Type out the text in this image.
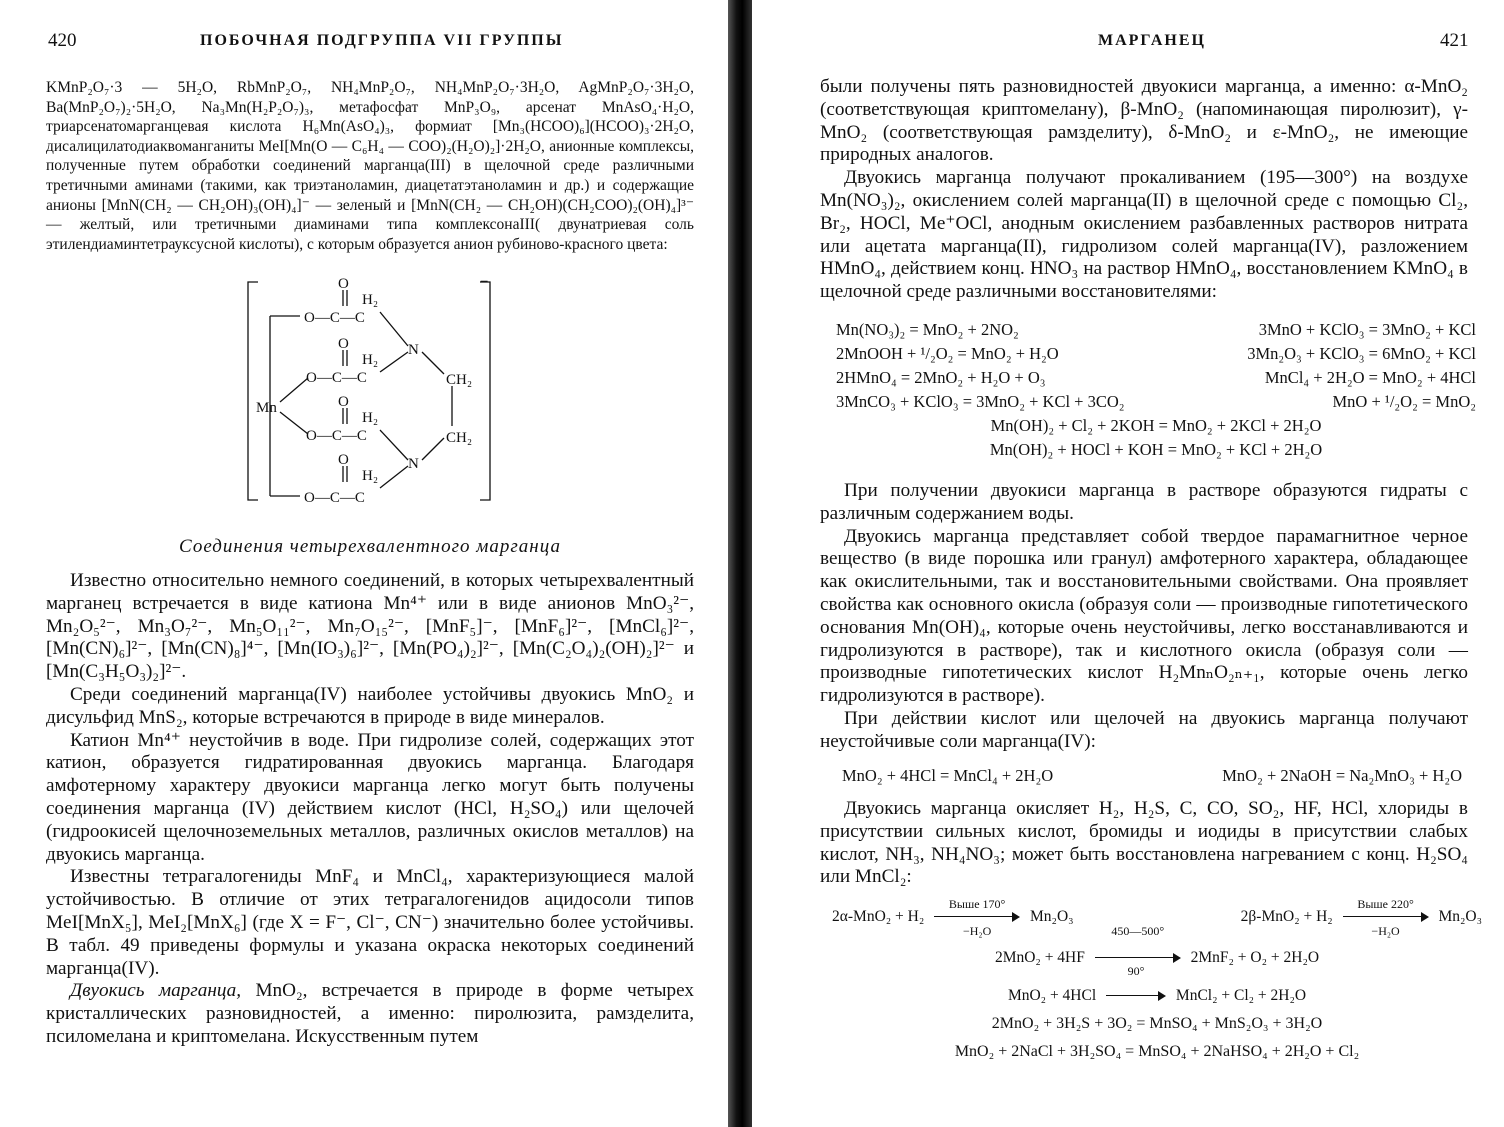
420	ПОБОЧНАЯ ПОДГРУППА VII ГРУППЫ
KMnP₂O₇·3 — 5H₂O, RbMnP₂O₇, NH₄MnP₂O₇, NH₄MnP₂O₇·3H₂O, AgMnP₂O₇·3H₂O, Ba(MnP₂O₇)₂·5H₂O, Na₃Mn(H₂P₂O₇)₃, метафосфат MnP₃O₉, арсенат MnAsO₄·H₂O, триарсенатомарганцевая кислота H₆Mn(AsO₄)₃, формиат [Mn₃(HCOO)₆](HCOO)₃·2H₂O, дисалицилатодиаквоманганиты MeI[Mn(O — C₆H₄ — COO)₂(H₂O)₂]·2H₂O, анионные комплексы, полученные путем обработки соединений марганца(III) в щелочной среде различными третичными аминами (такими, как триэтаноламин, диацетатэтаноламин и др.) и содержащие анионы [MnN(CH₂ — CH₂OH)₃(OH)₄]⁻ — зеленый и [MnN(CH₂ — CH₂OH)(CH₂COO)₂(OH)₄]³⁻ — желтый, или третичными диаминами типа комплексонаIII( двунатриевая соль этилендиаминтетрауксусной кислоты), с которым образуется анион рубиново-красного цвета:
−
O
H₂
O—C—C
O
H₂
O—C—C
N
CH₂
Mn	O
H₂
O—C—C	CH₂
N
O
H₂
O—C—C
Соединения четырехвалентного марганца

Известно относительно немного соединений, в которых четырехвалентный марганец встречается в виде катиона Mn⁴⁺ или в виде анионов MnO₃²⁻, Mn₂O₅²⁻, Mn₃O₇²⁻, Mn₅O₁₁²⁻, Mn₇O₁₅²⁻, [MnF₅]⁻, [MnF₆]²⁻, [MnCl₆]²⁻, [Mn(CN)₆]²⁻, [Mn(CN)₈]⁴⁻, [Mn(IO₃)₆]²⁻, [Mn(PO₄)₂]²⁻, [Mn(C₂O₄)₂(OH)₂]²⁻ и [Mn(C₃H₅O₃)₂]²⁻.

Среди соединений марганца(IV) наиболее устойчивы двуокись MnO₂ и дисульфид MnS₂, которые встречаются в природе в виде минералов.

Катион Mn⁴⁺ неустойчив в воде. При гидролизе солей, содержащих этот катион, образуется гидратированная двуокись марганца. Благодаря амфотерному характеру двуокиси марганца легко могут быть получены соединения марганца (IV) действием кислот (HCl, H₂SO₄) или щелочей (гидроокисей щелочноземельных металлов, различных окислов металлов) на двуокись марганца.

Известны тетрагалогениды MnF₄ и MnCl₄, характеризующиеся малой устойчивостью. В отличие от этих тетрагалогенидов ацидосоли типов MeI[MnX₅], MeI₂[MnX₆] (где X = F⁻, Cl⁻, CN⁻) значительно более устойчивы. В табл. 49 приведены формулы и указана окраска некоторых соединений марганца(IV).

Двуокись марганца, MnO₂, встречается в природе в форме четырех кристаллических разновидностей, а именно: пиролюзита, рамзделита, псиломелана и криптомелана. Искусственным путем

МАРГАНЕЦ	421

были получены пять разновидностей двуокиси марганца, а именно: α-MnO₂ (соответствующая криптомелану), β-MnO₂ (напоминающая пиролюзит), γ-MnO₂ (соответствующая рамзделиту), δ-MnO₂ и ε-MnO₂, не имеющие природных аналогов.

Двуокись марганца получают прокаливанием (195—300°) на воздухе Mn(NO₃)₂, окислением солей марганца(II) в щелочной среде с помощью Cl₂, Br₂, HOCl, Me⁺OCl, анодным окислением разбавленных растворов нитрата или ацетата марганца(II), гидролизом солей марганца(IV), разложением HMnO₄, действием конц. HNO₃ на раствор HMnO₄, восстановлением KMnO₄ в щелочной среде различными восстановителями:

Mn(NO₃)₂ = MnO₂ + 2NO₂	3MnO + KClO₃ = 3MnO₂ + KCl
2MnOOH + ¹/₂O₂ = MnO₂ + H₂O	3Mn₂O₃ + KClO₃ = 6MnO₂ + KCl
2HMnO₄ = 2MnO₂ + H₂O + O₃	MnCl₄ + 2H₂O = MnO₂ + 4HCl
3MnCO₃ + KClO₃ = 3MnO₂ + KCl + 3CO₂	MnO + ¹/₂O₂ = MnO₂
Mn(OH)₂ + Cl₂ + 2KOH = MnO₂ + 2KCl + 2H₂O
Mn(OH)₂ + HOCl + KOH = MnO₂ + KCl + 2H₂O

При получении двуокиси марганца в растворе образуются гидраты с различным содержанием воды.

Двуокись марганца представляет собой твердое парамагнитное черное вещество (в виде порошка или гранул) амфотерного характера, обладающее как окислительными, так и восстановительными свойствами. Она проявляет свойства как основного окисла (образуя соли — производные гипотетического основания Mn(OH)₄, которые очень неустойчивы, легко восстанавливаются и гидролизуются в растворе), так и кислотного окисла (образуя соли — производные гипотетических кислот H₂MnₙO₂ₙ₊₁, которые очень легко гидролизуются в растворе).

При действии кислот или щелочей на двуокись марганца получают неустойчивые соли марганца(IV):

MnO₂ + 4HCl = MnCl₄ + 2H₂O	MnO₂ + 2NaOH = Na₂MnO₃ + H₂O

Двуокись марганца окисляет H₂, H₂S, C, CO, SO₂, HF, HCl, хлориды в присутствии сильных кислот, бромиды и иодиды в присутствии слабых кислот, NH₃, NH₄NO₃; может быть восстановлена нагреванием с конц. H₂SO₄ или MnCl₂:

2α-MnO₂ + H₂
Выше 170°
−H₂O
Mn₂O₃	2β-MnO₂ + H₂
Выше 220°
−H₂O
Mn₂O₃
2MnO₂ + 4HF
450—500°
2MnF₂ + O₂ + 2H₂O
MnO₂ + 4HCl
90°
MnCl₂ + Cl₂ + 2H₂O
2MnO₂ + 3H₂S + 3O₂ = MnSO₄ + MnS₂O₃ + 3H₂O
MnO₂ + 2NaCl + 3H₂SO₄ = MnSO₄ + 2NaHSO₄ + 2H₂O + Cl₂
